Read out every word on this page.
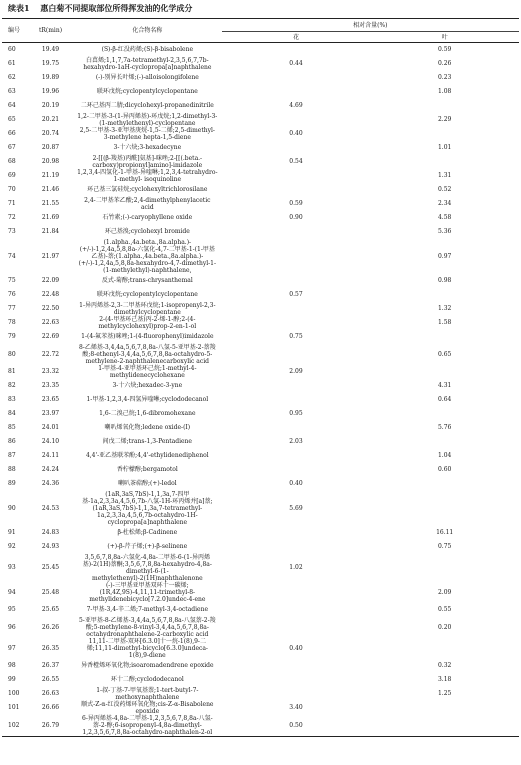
续表1 惠白菊不同提取部位所得挥发油的化学成分
编号	tR(min)	化合物名称	相对含量(%)	
			花	叶
60	19.49	(S)-β-红没药烯;(S)-β-bisabolene		0.59
61	19.75	白菖烯;1,1,7,7a-tetramethyl-2,3,5,6,7,7b-hexahydro-1aH-cyclopropa[a]naphthalene	0.44	0.26
62	19.89	(-)-别异长叶烯;(-)-alloisolongifolene		0.23
63	19.96	联环戊烷;cyclopentylcyclopentane		1.08
64	20.19	二环己基丙二腈;dicyclohexyl-propanedinitrile	4.69	
65	20.21	1,2-二甲基-3-(1-异丙烯基)-环戊烷;1,2-dimethyl-3-(1-methylethenyl)-cyclopentane		2.29
66	20.74	2,5-二甲基-3-亚甲基庚烷-1,5-二烯;2,5-dimethyl-3-methylene hepta-1,5-diene	0.40	
67	20.87	3-十六炔;3-hexadecyne		1.01
68	20.98	2-[[(β-羧基)丙酰]氨基]-咪唑;2-[[(.beta.-carboxy)propionyl]amino]-imidazole	0.54	
69	21.19	1,2,3,4-四氢化-1-甲基-异喹啉;1,2,3,4-tetrahydro-1-methyl- isoquinoline		1.31
70	21.46	环己基三氯硅烷;cyclohexyltrichlorosilane		0.52
71	21.55	2,4-二甲基苯乙酸;2,4-dimethylphenylacetic acid	0.59	2.34
72	21.69	石竹素;(-)-caryophyllene oxide	0.90	4.58
73	21.84	环己基溴;cyclohexyl bromide		5.36
74	21.97	(1.alpha.,4a.beta.,8a.alpha.)-(+/-)-1,2,4a,5,8,8a-六氢化-4,7-二甲基-1-(1-甲基乙基)-萘;(1.alpha.,4a.beta.,8a.alpha.)-(+/-)-1,2,4a,5,8,8a-hexahydro-4,7-dimethyl-1-(1-methylethyl)-naphthalene,		0.97
75	22.09	反式-菊醇;trans-chrysanthemal		0.98
76	22.48	联环戊烷;cyclopentylcyclopentane	0.57	
77	22.50	1-异丙烯基-2,3-二甲基环戊烷;1-isopropenyl-2,3-dimethylcyclopentane		1.32
78	22.63	2-(4-甲基环己基)丙-2-烯-1-醇;2-(4-methylcyclohexyl)prop-2-en-1-ol		1.58
79	22.69	1-(4-氟苯基)咪唑;1-(4-fluorophenyl)imidazole	0.75	
80	22.72	8-乙烯基-3,4,4a,5,6,7,8,8a-八氢-5-亚甲基-2-萘羧酸;8-ethenyl-3,4,4a,5,6,7,8,8a-octahydro-5-methylene-2-naphthalenecarboxylic acid		0.65
81	23.32	1-甲基-4-亚甲基环己烷;1-methyl-4-methylidenecyclohexane	2.09	
82	23.35	3-十六炔;hexadec-3-yne		4.31
83	23.65	1-甲基-1,2,3,4-四氢异喹啉;cyclododecanol		0.64
84	23.97	1,6-二溴己烷;1,6-dibromohexane	0.95	
85	24.01	喇叭烯氧化物;ledene oxide-(I)		5.76
86	24.10	间戊二烯;trans-1,3-Pentadiene	2.03	
87	24.11	4,4'-亚乙基联苯酚;4,4'-ethylidenediphenol		1.04
88	24.24	香柠檬醇;bergamotol		0.60
89	24.36	喇叭茶萜醇;(+)-ledol	0.40	
90	24.53	(1aR,3aS,7bS)-1,1,3a,7-四甲基-1a,2,3,3a,4,5,6,7b-八氢-1H-环丙烯并[a]萘;(1aR,3aS,7bS)-1,1,3a,7-tetramethyl-1a,2,3,3a,4,5,6,7b-octahydro-1H-cyclopropa[a]naphthalene	5.69	
91	24.83	β-杜松烯;β-Cadinene		16.11
92	24.93	(+)-β-芹子烯;(+)-β-selinene		0.75
93	25.45	3,5,6,7,8,8a-六氢化-4,8a-二甲基-6-(1-异丙烯基)-2(1H)萘酮;3,5,6,7,8,8a-hexahydro-4,8a-dimethyl-6-(1-methylethenyl)-2(1H)naphthalenone	1.02	
94	25.48	(-)-三甲基亚甲基双环十一碳烯;(1R,4Z,9S)-4,11,11-trimethyl-8-methylidenebicyclo[7.2.0]undec-4-ene		2.09
95	25.65	7-甲基-3,4-辛二烯;7-methyl-3,4-octadiene		0.55
96	26.26	5-亚甲基-8-乙烯基-3,4,4a,5,6,7,8,8a-八氢萘-2-羧酸;5-methylene-8-vinyl-3,4,4a,5,6,7,8,8a-octahydronaphthalene-2-carboxylic acid		0.20
97	26.35	11,11-二甲基-双环[6.3.0]十一烷-1(8),9-二烯;11,11-dimethyl-bicyclo[6.3.0]undeca-1(8),9-diene	0.40	
98	26.37	异香橙烯环氧化物;isoaromadendrene epoxide		0.32
99	26.55	环十二醇;cyclododecanol		3.18
100	26.63	1-叔-丁基-7-甲氧基萘;1-tert-butyl-7-methoxynaphthalene		1.25
101	26.66	顺式-Z-α-红没药烯环氧化物;cis-Z-α-Bisabolene epoxide	3.40	
102	26.79	6-异丙烯基-4,8a-二甲基-1,2,3,5,6,7,8,8a-八氢-萘-2-醇;6-isopropenyl-4,8a-dimethyl-1,2,3,5,6,7,8,8a-octahydro-naphthalen-2-ol	0.50	
